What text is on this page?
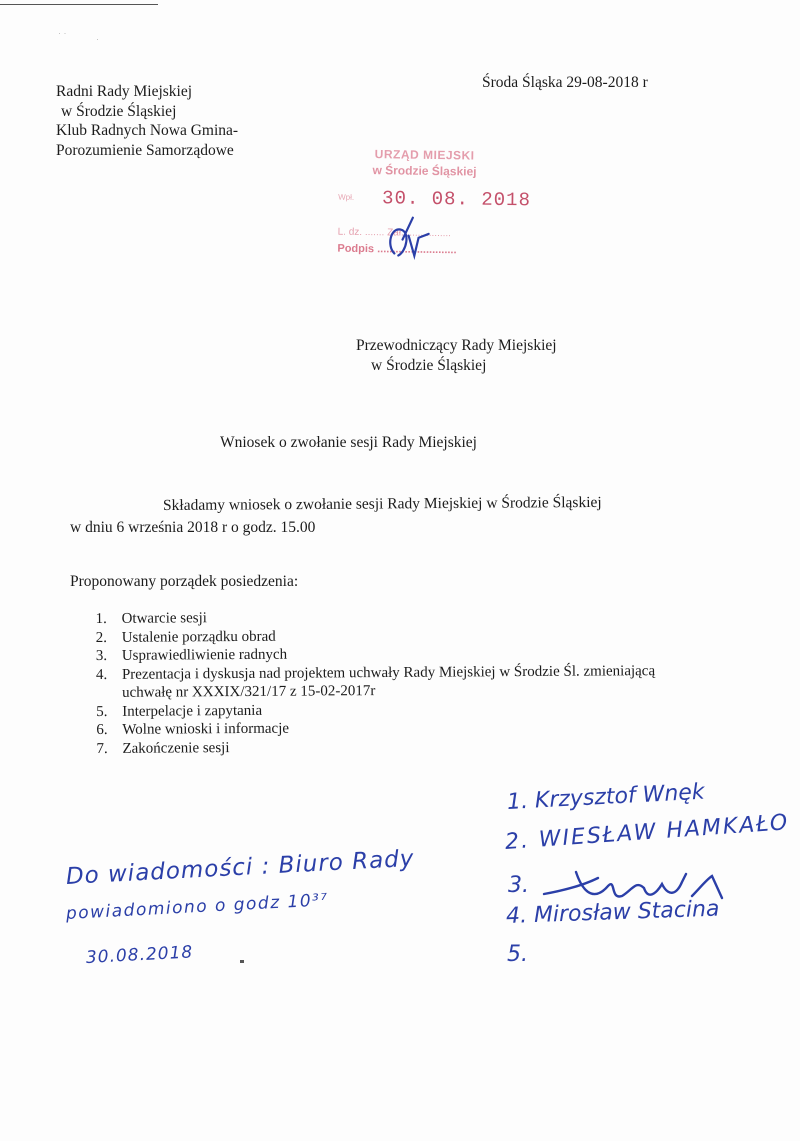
· ·
·
Radni Rady Miejskiej
w Środzie Śląskiej
Klub Radnych Nowa Gmina-
Porozumienie Samorządowe
Środa Śląska 29-08-2018 r
URZĄD MIEJSKI
w Środzie Śląskiej
Wpł. 30. 08. 2018
L. dz. ....... Zał. ................
Podpis ..........................
Przewodniczący Rady Miejskiej
w Środzie Śląskiej
Wniosek o zwołanie sesji Rady Miejskiej
Składamy wniosek o zwołanie sesji Rady Miejskiej w Środzie Śląskiej
w dniu 6 września 2018 r o godz. 15.00
Proponowany porządek posiedzenia:
1. Otwarcie sesji
2. Ustalenie porządku obrad
3. Usprawiedliwienie radnych
4. Prezentacja i dyskusja nad projektem uchwały Rady Miejskiej w Środzie Śl. zmieniającą
uchwałę nr XXXIX/321/17 z 15-02-2017r
5. Interpelacje i zapytania
6. Wolne wnioski i informacje
7. Zakończenie sesji
Do wiadomości : Biuro Rady
powiadomiono o godz 10³⁷
30.08.2018
1. Krzysztof Wnęk
2. WIESŁAW HAMKAŁO
3.
4. Mirosław Stacina
5.
